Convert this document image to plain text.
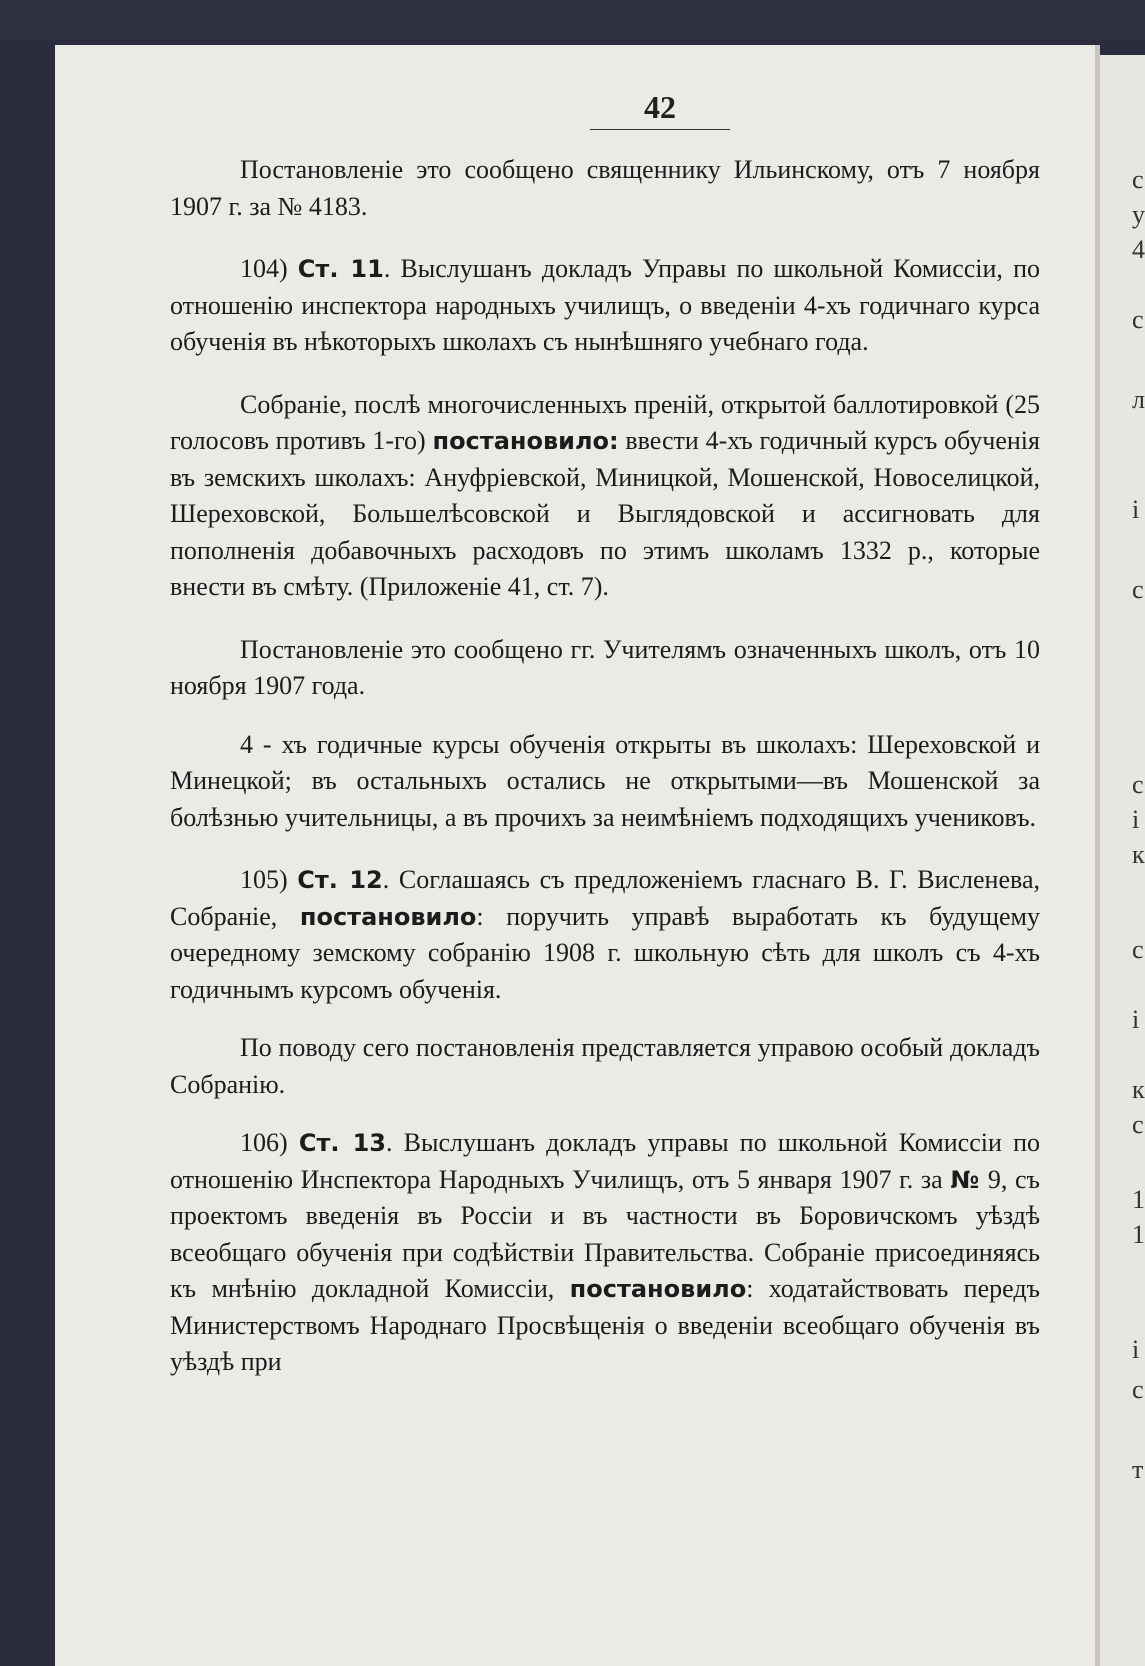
с
у
4
с
л
і
с
с
і
к
с
і
к
с
1
1
і
с
т
42

Постановленіе это сообщено священнику Ильинскому, отъ 7 ноября 1907 г. за № 4183.

104) Ст. 11. Выслушанъ докладъ Управы по школьной Комиссіи, по отношенію инспектора народныхъ училищъ, о введеніи 4-хъ годичнаго курса обученія въ нѣкоторыхъ школахъ съ нынѣшняго учебнаго года.

Собраніе, послѣ многочисленныхъ преній, открытой баллотировкой (25 голосовъ противъ 1-го) постановило: ввести 4-хъ годичный курсъ обученія въ земскихъ школахъ: Ануфріевской, Миницкой, Мошенской, Новоселицкой, Шереховской, Большелѣсовской и Выглядовской и ассигновать для пополненія добавочныхъ расходовъ по этимъ школамъ 1332 р., которые внести въ смѣту. (Приложеніе 41, ст. 7).

Постановленіе это сообщено гг. Учителямъ означенныхъ школъ, отъ 10 ноября 1907 года.

4 - хъ годичные курсы обученія открыты въ школахъ: Шереховской и Минецкой; въ остальныхъ остались не открытыми—въ Мошенской за болѣзнью учительницы, а въ прочихъ за неимѣніемъ подходящихъ учениковъ.

105) Ст. 12. Соглашаясь съ предложеніемъ гласнаго В. Г. Висленева, Собраніе, постановило: поручить управѣ выработать къ будущему очередному земскому собранію 1908 г. школьную сѣть для школъ съ 4-хъ годичнымъ курсомъ обученія.

По поводу сего постановленія представляется управою особый докладъ Собранію.

106) Ст. 13. Выслушанъ докладъ управы по школьной Комиссіи по отношенію Инспектора Народныхъ Училищъ, отъ 5 января 1907 г. за № 9, съ проектомъ введенія въ Россіи и въ частности въ Боровичскомъ уѣздѣ всеобщаго обученія при содѣйствіи Правительства. Собраніе присоединяясь къ мнѣнію докладной Комиссіи, постановило: ходатайствовать передъ Министерствомъ Народнаго Просвѣщенія о введеніи всеобщаго обученія въ уѣздѣ при
